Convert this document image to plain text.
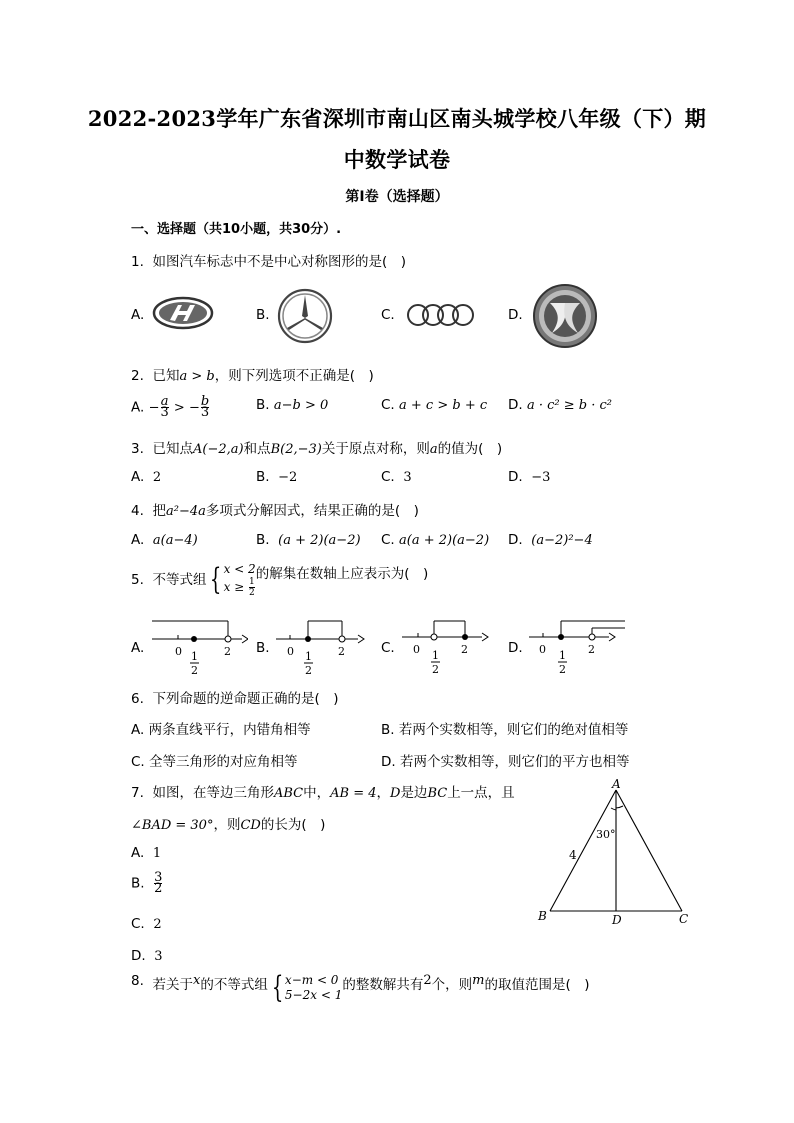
2022-2023学年广东省深圳市南山区南头城学校八年级（下）期
中数学试卷
第I卷（选择题）
一、选择题（共10小题，共30分）.
1. 如图汽车标志中不是中心对称图形的是(　)
A.	B.	C.	D.
2. 已知a > b，则下列选项不正确是(　)
A. − $\frac{a}{3}$ > − $\frac{b}{3}$	B. a−b > 0	C. a + c > b + c D. a · c² ≥ b · c²
3. 已知点A(−2,a)和点B(2,−3)关于原点对称，则a的值为(　)
A. 2	B. −2	C. 3	D. −3
4. 把a²−4a多项式分解因式，结果正确的是(　)
A. a(a−4)	B. (a + 2)(a−2) C. a(a + 2)(a−2) D. (a−2)²−4
5. 不等式组 { x < 2
$x \ge \frac{1}{2}$
的解集在数轴上应表示为(　)
A.	0 1
2
2 B. 0 1
2
2	C. 0 1
2
2	D. 0 1
2
2
6. 下列命题的逆命题正确的是(　)
A. 两条直线平行，内错角相等	B. 若两个实数相等，则它们的绝对值相等
C. 全等三角形的对应角相等	D. 若两个实数相等，则它们的平方也相等
7. 如图，在等边三角形ABC中，AB = 4，D是边BC上一点，且
∠BAD = 30°，则CD的长为(　)
A. 1
B. $\frac{3}{2}$
C. 2
D. 3
A
B	C
D
4
30°
8. 若关于x的不等式组 { x−m < 0
5−2x < 1
的整数解共有2个，则m的取值范围是(　)
